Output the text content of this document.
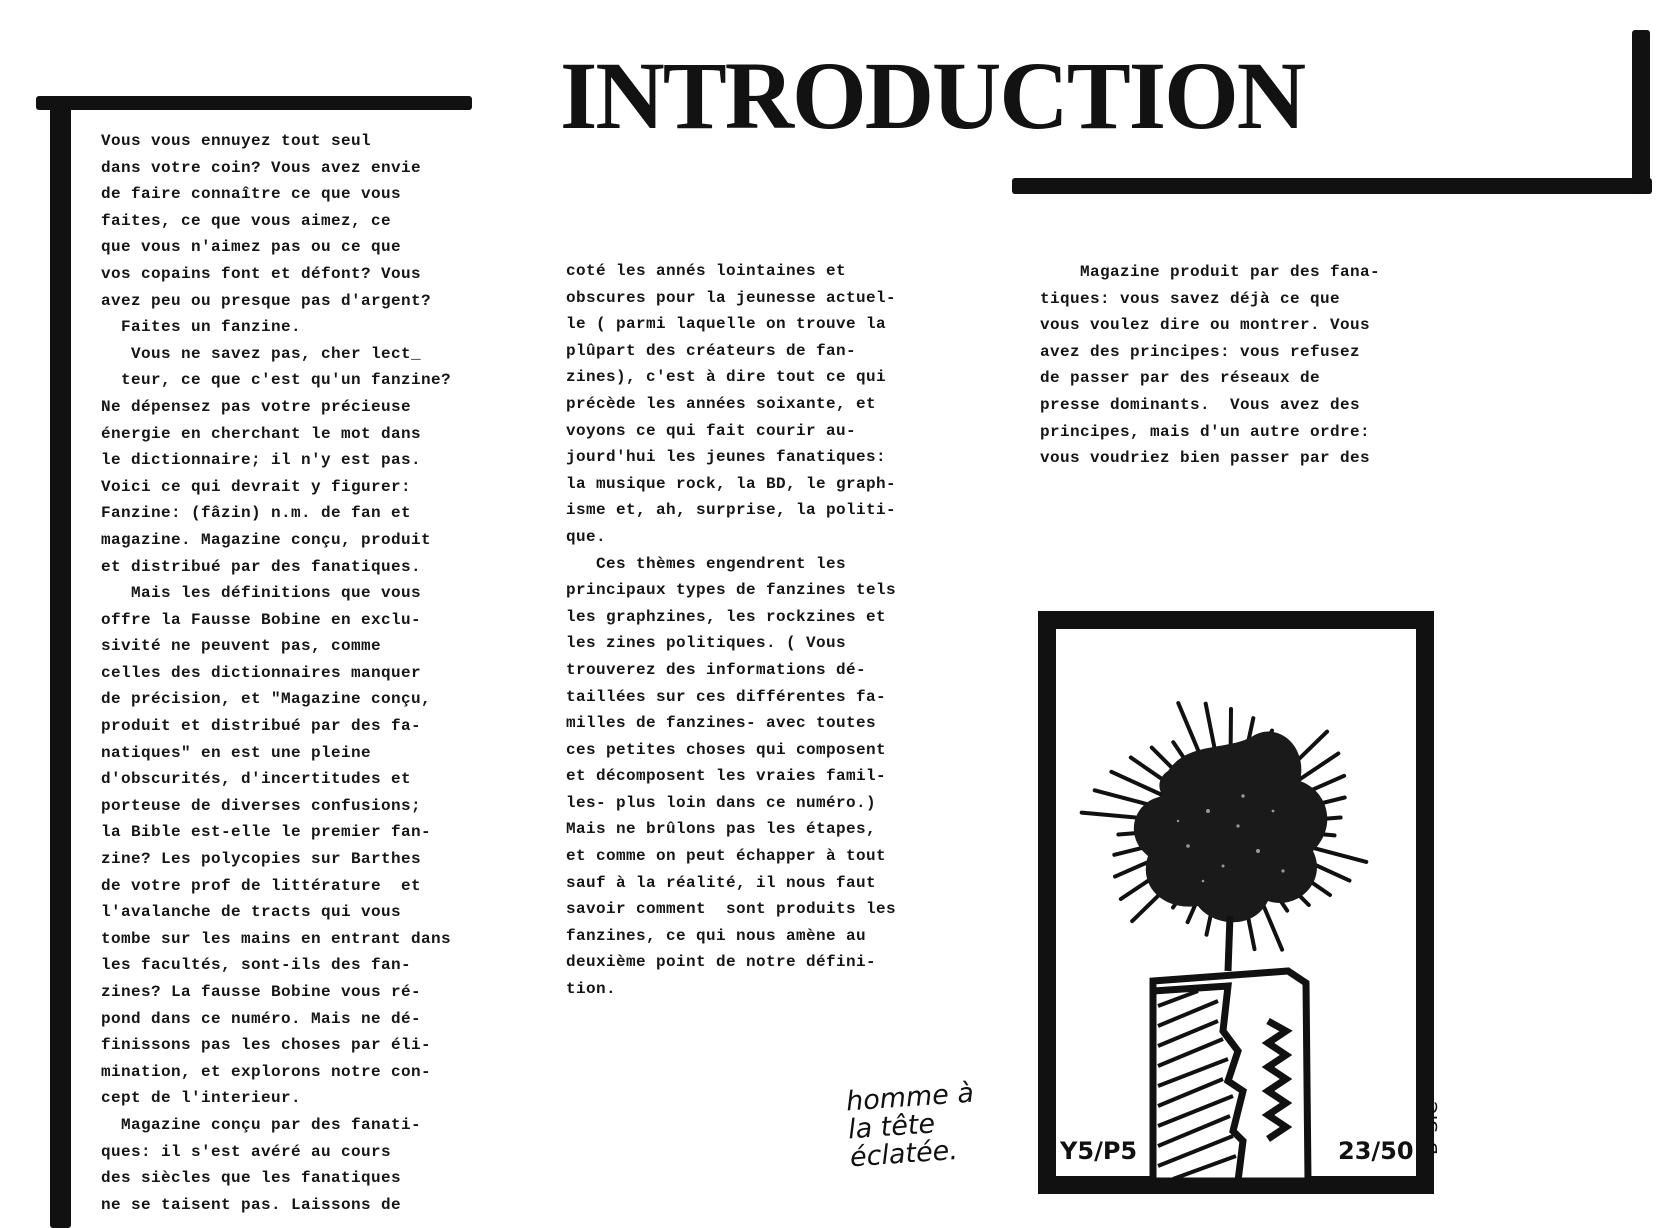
INTRODUCTION
Vous vous ennuyez tout seul
dans votre coin? Vous avez envie
de faire connaître ce que vous
faites, ce que vous aimez, ce
que vous n'aimez pas ou ce que
vos copains font et défont? Vous
avez peu ou presque pas d'argent?
Faites un fanzine.
Vous ne savez pas, cher lect_
teur, ce que c'est qu'un fanzine?
Ne dépensez pas votre précieuse
énergie en cherchant le mot dans
le dictionnaire; il n'y est pas.
Voici ce qui devrait y figurer:
Fanzine: (fâzin) n.m. de fan et
magazine. Magazine conçu, produit
et distribué par des fanatiques.
Mais les définitions que vous
offre la Fausse Bobine en exclu-
sivité ne peuvent pas, comme
celles des dictionnaires manquer
de précision, et "Magazine conçu,
produit et distribué par des fa-
natiques" en est une pleine
d'obscurités, d'incertitudes et
porteuse de diverses confusions;
la Bible est-elle le premier fan-
zine? Les polycopies sur Barthes
de votre prof de littérature  et
l'avalanche de tracts qui vous
tombe sur les mains en entrant dans
les facultés, sont-ils des fan-
zines? La fausse Bobine vous ré-
pond dans ce numéro. Mais ne dé-
finissons pas les choses par éli-
mination, et explorons notre con-
cept de l'interieur.
Magazine conçu par des fanati-
ques: il s'est avéré au cours
des siècles que les fanatiques
ne se taisent pas. Laissons de
coté les annés lointaines et
obscures pour la jeunesse actuel-
le ( parmi laquelle on trouve la
plûpart des créateurs de fan-
zines), c'est à dire tout ce qui
précède les années soixante, et
voyons ce qui fait courir au-
jourd'hui les jeunes fanatiques:
la musique rock, la BD, le graph-
isme et, ah, surprise, la politi-
que.
Ces thèmes engendrent les
principaux types de fanzines tels
les graphzines, les rockzines et
les zines politiques. ( Vous
trouverez des informations dé-
taillées sur ces différentes fa-
milles de fanzines- avec toutes
ces petites choses qui composent
et décomposent les vraies famil-
les- plus loin dans ce numéro.)
Mais ne brûlons pas les étapes,
et comme on peut échapper à tout
sauf à la réalité, il nous faut
savoir comment  sont produits les
fanzines, ce qui nous amène au
deuxième point de notre défini-
tion.
Magazine produit par des fana-
tiques: vous savez déjà ce que
vous voulez dire ou montrer. Vous
avez des principes: vous refusez
de passer par des réseaux de
presse dominants.  Vous avez des
principes, mais d'un autre ordre:
vous voudriez bien passer par des
Y5/P5	23/50
homme à
la tête
éclatée.	B*SIC
